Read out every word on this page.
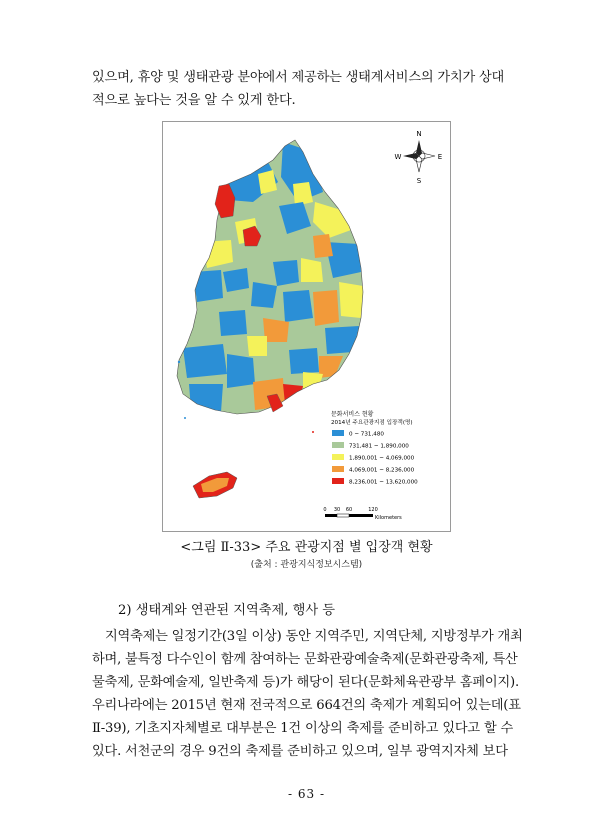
있으며, 휴양 및 생태관광 분야에서 제공하는 생태계서비스의 가치가 상대

적으로 높다는 것을 알 수 있게 한다.

N
S
E
W
문화서비스 현황
2014년 주요관광지점 입장객(명)
0 ~ 731,480
731,481 ~ 1,890,000
1,890,001 ~ 4,069,000
4,069,001 ~ 8,236,000
8,236,001 ~ 13,620,000
0 30 60	120
Kilometers
<그림 Ⅱ-33> 주요 관광지점 별 입장객 현황
(출처 : 관광지식정보시스템)
2) 생태계와 연관된 지역축제, 행사 등

지역축제는 일정기간(3일 이상) 동안 지역주민, 지역단체, 지방정부가 개최

하며, 불특정 다수인이 함께 참여하는 문화관광예술축제(문화관광축제, 특산

물축제, 문화예술제, 일반축제 등)가 해당이 된다(문화체육관광부 홈페이지).

우리나라에는 2015년 현재 전국적으로 664건의 축제가 계획되어 있는데(표

Ⅱ-39), 기초지자체별로 대부분은 1건 이상의 축제를 준비하고 있다고 할 수

있다. 서천군의 경우 9건의 축제를 준비하고 있으며, 일부 광역지자체 보다

- 63 -
